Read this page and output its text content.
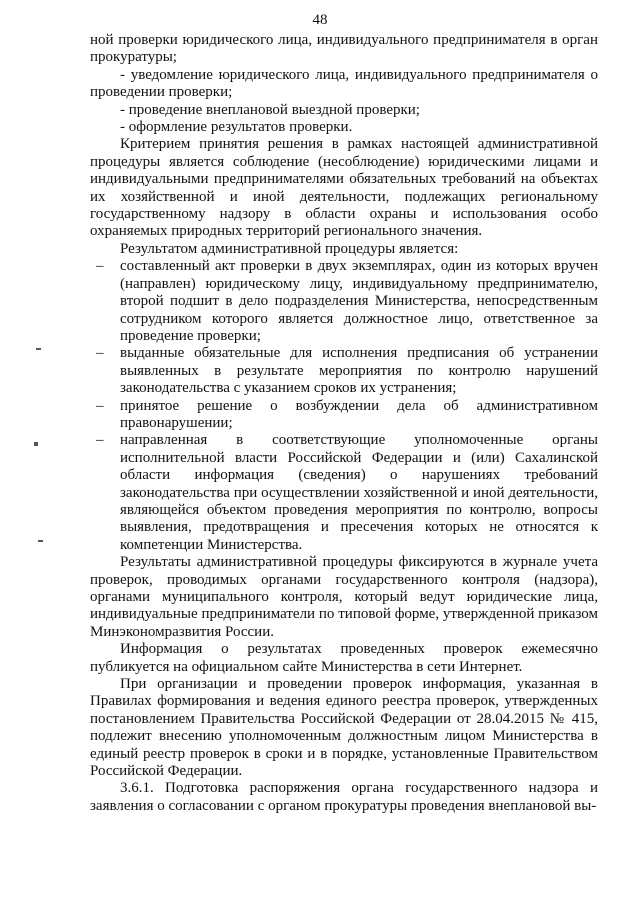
48

ной проверки юридического лица, индивидуального предпринимателя в орган прокуратуры;

- уведомление юридического лица, индивидуального предпринимателя о проведении проверки;

- проведение внеплановой выездной проверки;

- оформление результатов проверки.

Критерием принятия решения в рамках настоящей административной процедуры является соблюдение (несоблюдение) юридическими лицами и индивидуальными предпринимателями обязательных требований на объектах их хозяйственной и иной деятельности, подлежащих региональному государственному надзору в области охраны и использования особо охраняемых природных территорий регионального значения.

Результатом административной процедуры является:

– составленный акт проверки в двух экземплярах, один из которых вручен (направлен) юридическому лицу, индивидуальному предпринимателю, второй подшит в дело подразделения Министерства, непосредственным сотрудником которого является должностное лицо, ответственное за проведение проверки;
– выданные обязательные для исполнения предписания об устранении выявленных в результате мероприятия по контролю нарушений законодательства с указанием сроков их устранения;
– принятое решение о возбуждении дела об административном правонарушении;
– направленная в соответствующие уполномоченные органы исполнительной власти Российской Федерации и (или) Сахалинской области информация (сведения) о нарушениях требований законодательства при осуществлении хозяйственной и иной деятельности, являющейся объектом проведения мероприятия по контролю, вопросы выявления, предотвращения и пресечения которых не относятся к компетенции Министерства.

Результаты административной процедуры фиксируются в журнале учета проверок, проводимых органами государственного контроля (надзора), органами муниципального контроля, который ведут юридические лица, индивидуальные предприниматели по типовой форме, утвержденной приказом Минэкономразвития России.

Информация о результатах проведенных проверок ежемесячно публикуется на официальном сайте Министерства в сети Интернет.

При организации и проведении проверок информация, указанная в Правилах формирования и ведения единого реестра проверок, утвержденных постановлением Правительства Российской Федерации от 28.04.2015 № 415, подлежит внесению уполномоченным должностным лицом Министерства в единый реестр проверок в сроки и в порядке, установленные Правительством Российской Федерации.

3.6.1. Подготовка распоряжения органа государственного надзора и заявления о согласовании с органом прокуратуры проведения внеплановой вы-
